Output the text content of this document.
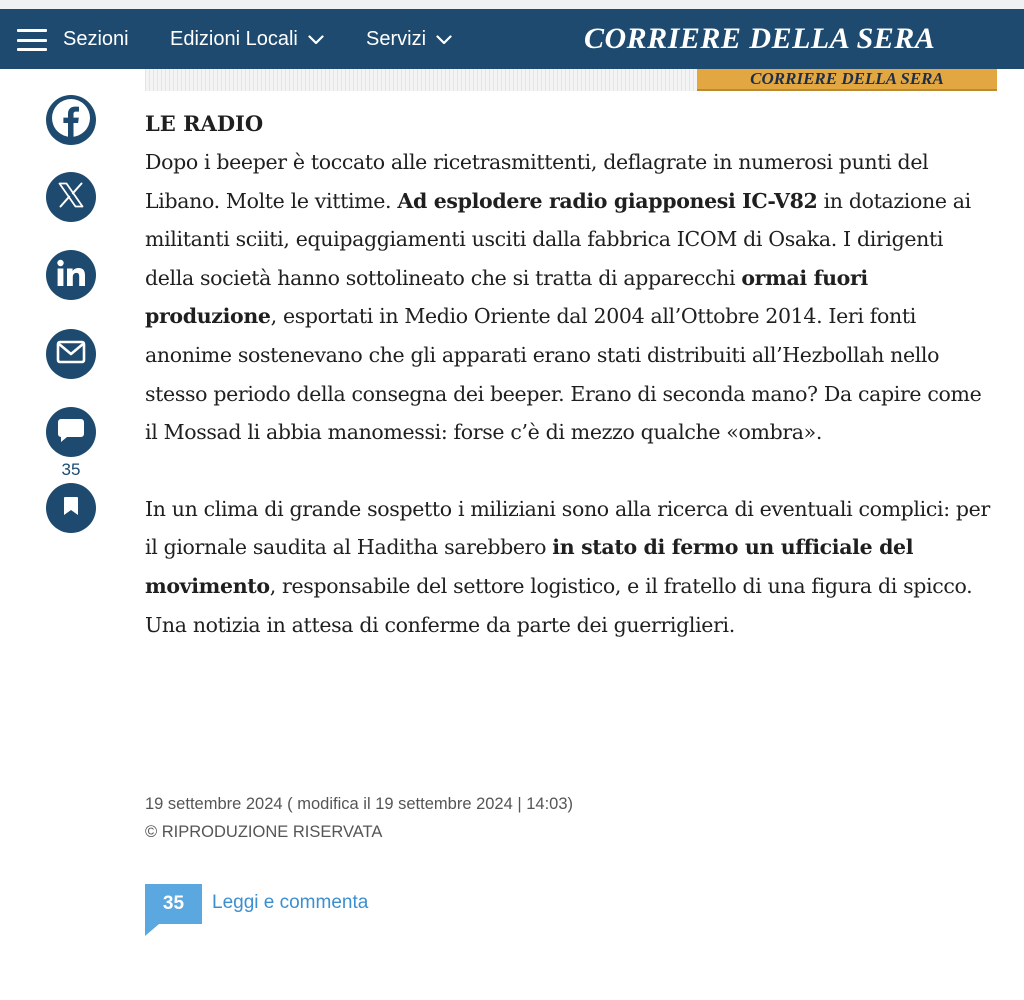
Sezioni Edizioni Locali	Servizi	CORRIERE DELLA SERA
CORRIERE DELLA SERA
35
LE RADIO

Dopo i beeper è toccato alle ricetrasmittenti, deflagrate in numerosi punti del Libano. Molte le vittime. Ad esplodere radio giapponesi IC-V82 in dotazione ai militanti sciiti, equipaggiamenti usciti dalla fabbrica ICOM di Osaka. I dirigenti della società hanno sottolineato che si tratta di apparecchi ormai fuori produzione, esportati in Medio Oriente dal 2004 all’Ottobre 2014. Ieri fonti anonime sostenevano che gli apparati erano stati distribuiti all’Hezbollah nello stesso periodo della consegna dei beeper. Erano di seconda mano? Da capire come il Mossad li abbia manomessi: forse c’è di mezzo qualche «ombra».

In un clima di grande sospetto i miliziani sono alla ricerca di eventuali complici: per il giornale saudita al Haditha sarebbero in stato di fermo un ufficiale del movimento, responsabile del settore logistico, e il fratello di una figura di spicco. Una notizia in attesa di conferme da parte dei guerriglieri.

19 settembre 2024 ( modifica il 19 settembre 2024 | 14:03)
© RIPRODUZIONE RISERVATA
35	Leggi e commenta
